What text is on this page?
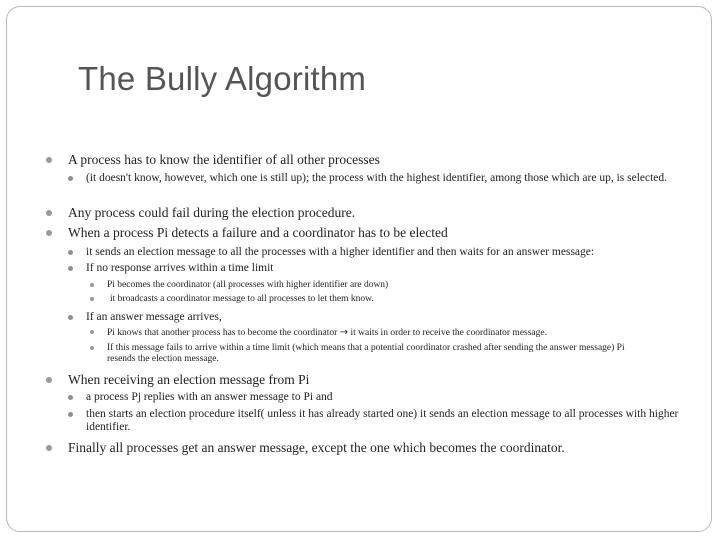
The Bully Algorithm
A process has to know the identifier of all other processes
(it doesn't know, however, which one is still up); the process with the highest identifier, among those which are up, is selected.
Any process could fail during the election procedure.
When a process Pi detects a failure and a coordinator has to be elected
it sends an election message to all the processes with a higher identifier and then waits for an answer message:
If no response arrives within a time limit
Pi becomes the coordinator (all processes with higher identifier are down)
it broadcasts a coordinator message to all processes to let them know.
If an answer message arrives,
Pi knows that another process has to become the coordinator → it waits in order to receive the coordinator message.
If this message fails to arrive within a time limit (which means that a potential coordinator crashed after sending the answer message) Pi resends the election message.
When receiving an election message from Pi
a process Pj replies with an answer message to Pi and
then starts an election procedure itself( unless it has already started one) it sends an election message to all processes with higher identifier.
Finally all processes get an answer message, except the one which becomes the coordinator.
